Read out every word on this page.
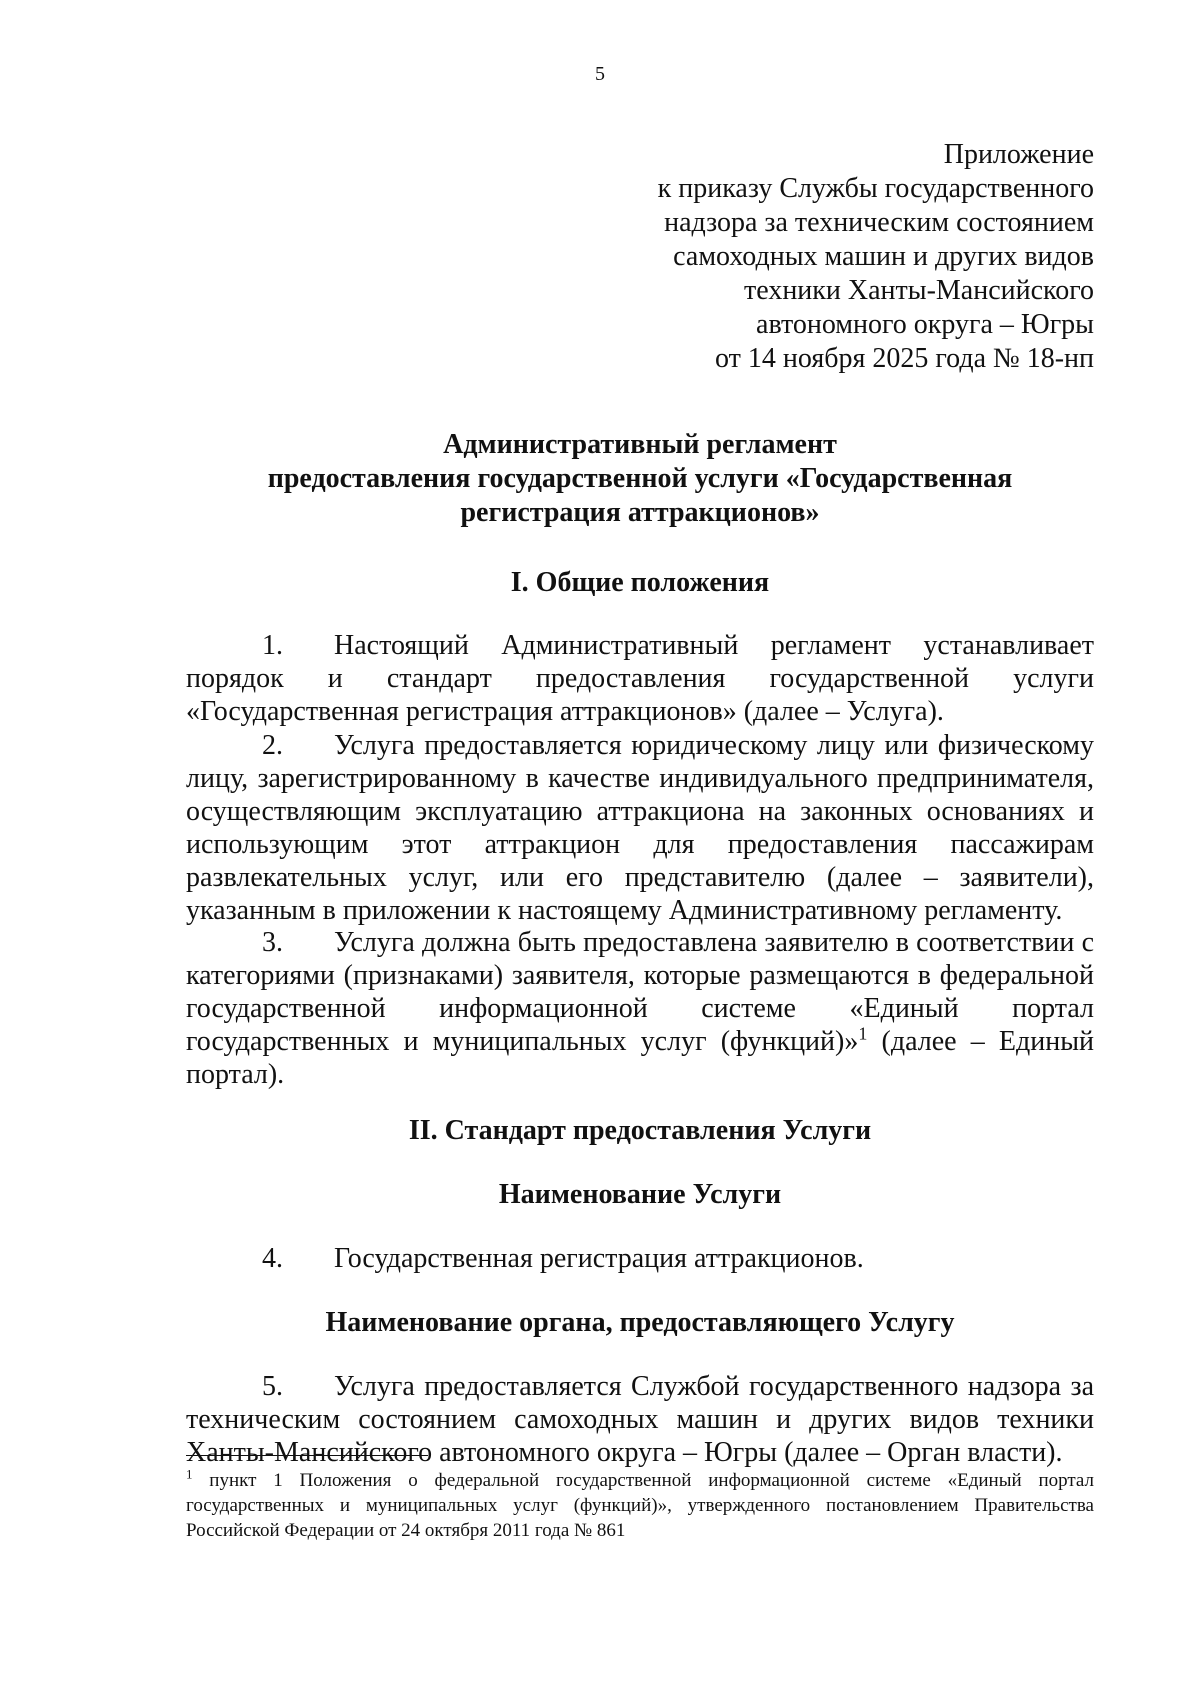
5
Приложение
к приказу Службы государственного
надзора за техническим состоянием
самоходных машин и других видов
техники Ханты-Мансийского
автономного округа – Югры
от 14 ноября 2025 года № 18-нп
Административный регламент
предоставления государственной услуги «Государственная
регистрация аттракционов»
I. Общие положения
1. Настоящий Административный регламент устанавливает порядок и стандарт предоставления государственной услуги «Государственная регистрация аттракционов» (далее – Услуга).
2. Услуга предоставляется юридическому лицу или физическому лицу, зарегистрированному в качестве индивидуального предпринимателя, осуществляющим эксплуатацию аттракциона на законных основаниях и использующим этот аттракцион для предоставления пассажирам развлекательных услуг, или его представителю (далее – заявители), указанным в приложении к настоящему Административному регламенту.
3. Услуга должна быть предоставлена заявителю в соответствии с категориями (признаками) заявителя, которые размещаются в федеральной государственной информационной системе «Единый портал государственных и муниципальных услуг (функций)»$^1$ (далее – Единый портал).
II. Стандарт предоставления Услуги
Наименование Услуги
4. Государственная регистрация аттракционов.
Наименование органа, предоставляющего Услугу
5. Услуга предоставляется Службой государственного надзора за техническим состоянием самоходных машин и других видов техники Ханты-Мансийского автономного округа – Югры (далее – Орган власти).
$^1$ пункт 1 Положения о федеральной государственной информационной системе «Единый портал государственных и муниципальных услуг (функций)», утвержденного постановлением Правительства Российской Федерации от 24 октября 2011 года № 861
